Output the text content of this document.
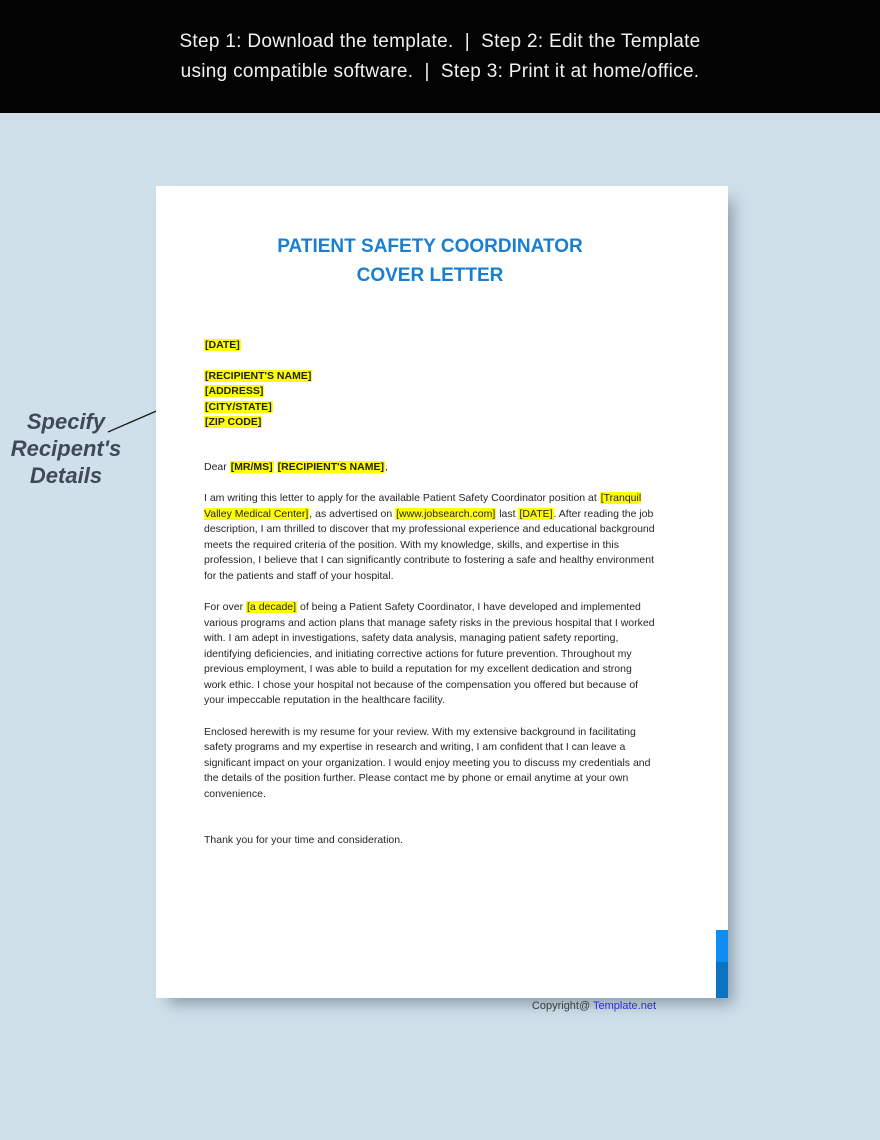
Step 1: Download the template.  |  Step 2: Edit the Template
using compatible software.  |  Step 3: Print it at home/office.
Specify
Recipent's
Details
PATIENT SAFETY COORDINATOR
COVER LETTER
[DATE]
[RECIPIENT'S NAME]
[ADDRESS]
[CITY/STATE]
[ZIP CODE]
Dear [MR/MS] [RECIPIENT'S NAME],
I am writing this letter to apply for the available Patient Safety Coordinator position at [Tranquil Valley Medical Center], as advertised on [www.jobsearch.com] last [DATE]. After reading the job description, I am thrilled to discover that my professional experience and educational background meets the required criteria of the position. With my knowledge, skills, and expertise in this profession, I believe that I can significantly contribute to fostering a safe and healthy environment for the patients and staff of your hospital.
For over [a decade] of being a Patient Safety Coordinator, I have developed and implemented various programs and action plans that manage safety risks in the previous hospital that I worked with. I am adept in investigations, safety data analysis, managing patient safety reporting, identifying deficiencies, and initiating corrective actions for future prevention. Throughout my previous employment, I was able to build a reputation for my excellent dedication and strong work ethic. I chose your hospital not because of the compensation you offered but because of your impeccable reputation in the healthcare facility.
Enclosed herewith is my resume for your review. With my extensive background in facilitating safety programs and my expertise in research and writing, I am confident that I can leave a significant impact on your organization. I would enjoy meeting you to discuss my credentials and the details of the position further. Please contact me by phone or email anytime at your own convenience.
Thank you for your time and consideration.
Copyright@ Template.net
